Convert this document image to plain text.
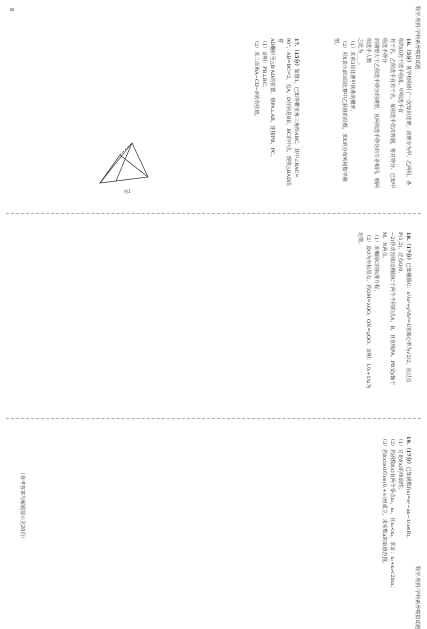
数学·理科·学科素养模拟试题
数学·理科·学科素养模拟试题
8
16.（5分）某学校组织了一次知识竞赛，决赛分为甲、乙两组，各组均由若干选手组成。甲组选手有
若干名，乙组选手有若干名，每组选手依次答题，答对得分。已知甲组选手得分
的期望大于乙组选手得分的期望，且两组选手得分的方差相同，则两组选手人数
之比为____。
（1）求第3局比赛甲获胜的概率；
（2）用X表示前3局比赛中乙获胜的局数，求X的分布列和数学期望。
17.（15分）如图1，已知等腰直角三角形ABC，其中∠BAC=
90°，AB=BC=2，点A，D分别是BE，BC的中点，现将△BAD沿着
AD翻折至△B'AD的位置，使PA⊥AB，连接PB，PC。
（1）证明：PB⊥BC；
（2）求二面角A−CD−P的余弦值。
图1
18.（17分）已知椭圆C：x²/a²+y²/b²=1的离心率为√2/2，且过点P(1,2)，过点Q(0,
−2)作动直线l交椭圆C于两个不同的点A，B，且直线PA，PB交y轴于
M，N两点。
（1）求椭圆C的标准方程；
（2）设O为坐标原点，若QM=λQO，QN=μQO，证明：1/λ+1/μ为
定值。
19.（17分）已知函数f(x)=eˣ−ax−1(a∈R)。
（1）讨论f(x)的单调性；
（2）若函数f(x)有两个零点x₁，x₂，且x₁<x₂，求证：x₁+x₂<2lna；
（3）若f(x)≥0对x∈(0,+∞)恒成立，求实数a的取值范围。
（参考答案与解题提示见20页）
